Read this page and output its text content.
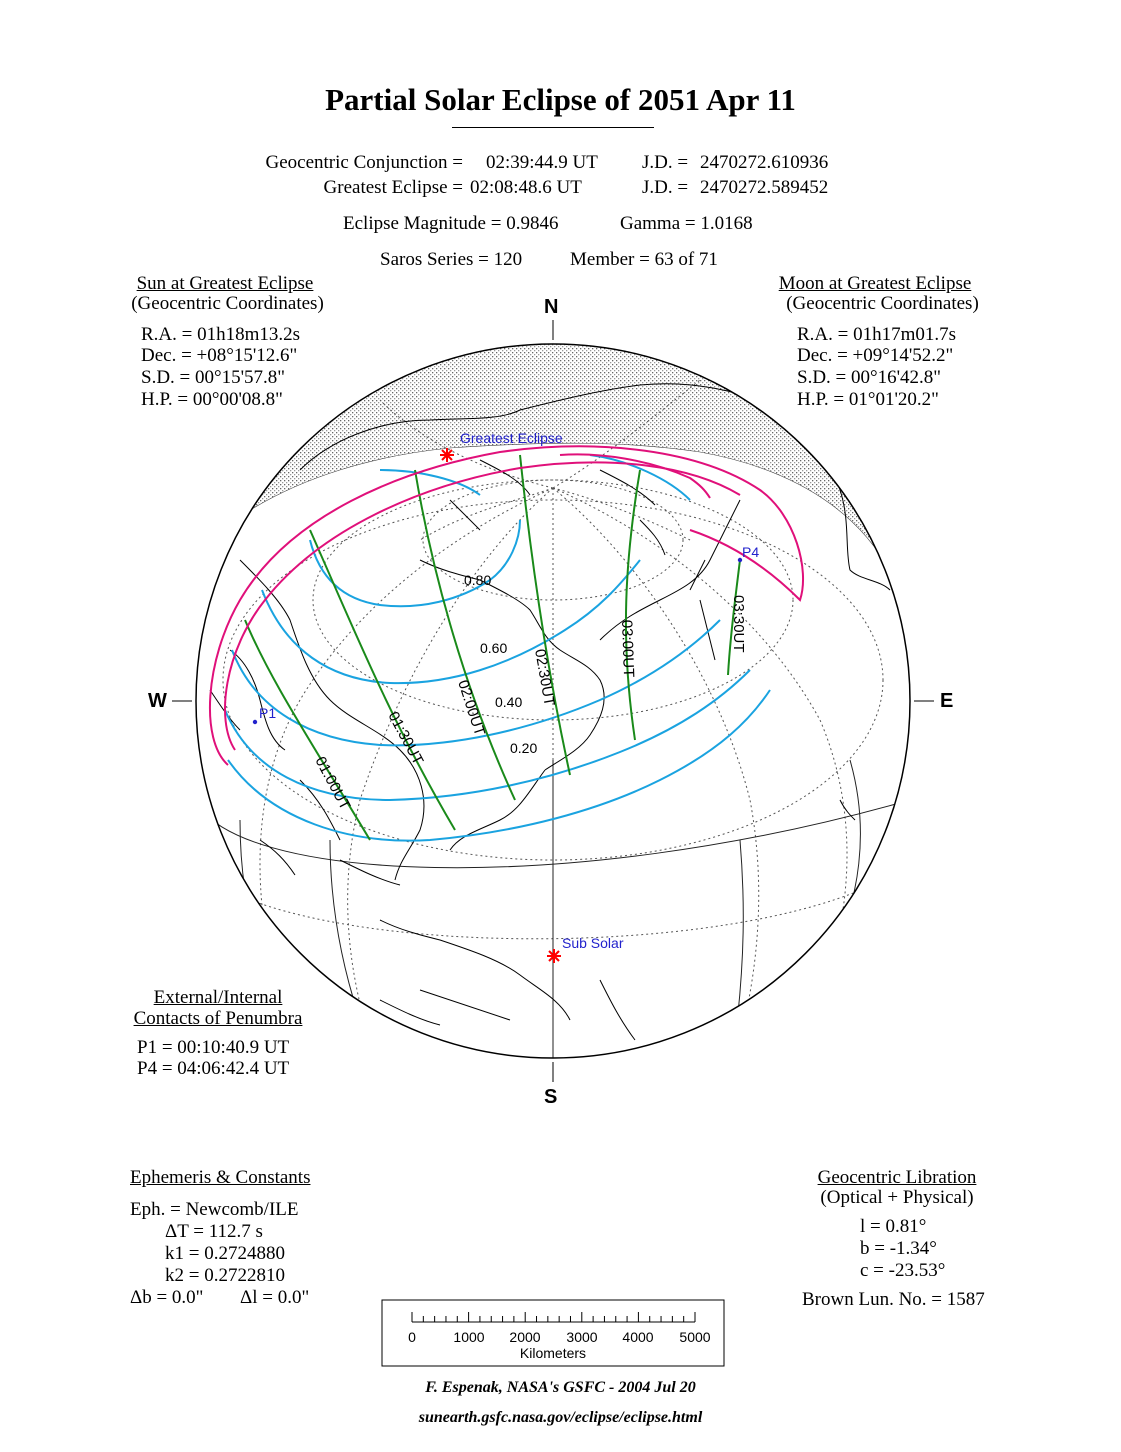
Partial Solar Eclipse of 2051 Apr 11
Geocentric Conjunction = 02:39:44.9 UT J.D. = 2470272.610936
Greatest Eclipse = 02:08:48.6 UT	J.D. = 2470272.589452
Eclipse Magnitude = 0.9846	Gamma = 1.0168
Saros Series = 120	Member = 63 of 71
Sun at Greatest Eclipse
(Geocentric Coordinates)
R.A. = 01h18m13.2s
Dec. = +08°15'12.6"
S.D. = 00°15'57.8"
H.P. = 00°00'08.8"
Moon at Greatest Eclipse
(Geocentric Coordinates)
R.A. = 01h17m01.7s
Dec. = +09°14'52.2"
S.D. = 00°16'42.8"
H.P. = 01°01'20.2"
External/Internal
Contacts of Penumbra
P1 = 00:10:40.9 UT
P4 = 04:06:42.4 UT
Ephemeris & Constants
Eph. = Newcomb/ILE
ΔT = 112.7 s
k1 = 0.2724880
k2 = 0.2722810
Δb = 0.0" Δl = 0.0"
Geocentric Libration
(Optical + Physical)
l = 0.81°
b = -1.34°
c = -23.53°
Brown Lun. No. = 1587
N
S
W	E
Greatest Eclipse
Sub Solar
P1
P4
0.80
0.60
0.40
0.20
01:00UT
01:30UT
02:00UT
02:30UT	03:00UT	03:30UT
0	1000 2000 3000 4000 5000
Kilometers
F. Espenak, NASA's GSFC - 2004 Jul 20
sunearth.gsfc.nasa.gov/eclipse/eclipse.html
